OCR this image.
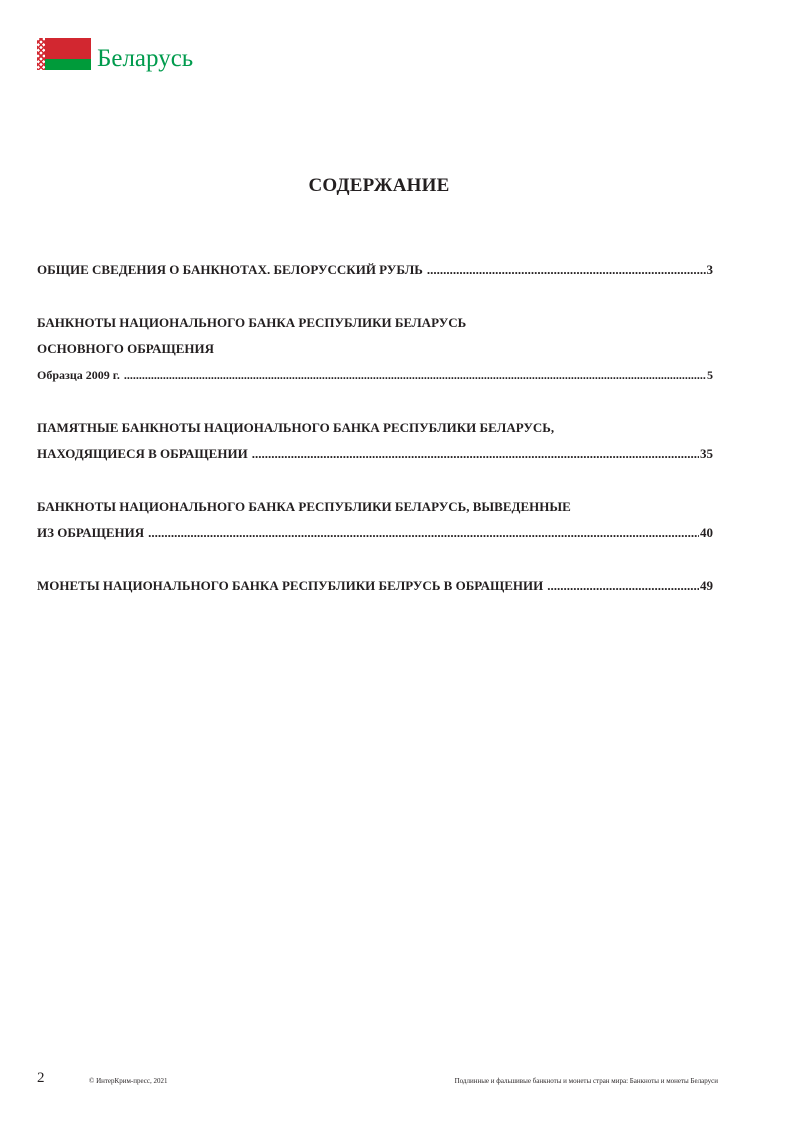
Беларусь
СОДЕРЖАНИЕ
ОБЩИЕ СВЕДЕНИЯ О БАНКНОТАХ. БЕЛОРУССКИЙ РУБЛЬ .....	3
БАНКНОТЫ НАЦИОНАЛЬНОГО БАНКА РЕСПУБЛИКИ БЕЛАРУСЬ
ОСНОВНОГО ОБРАЩЕНИЯ
Образца 2009 г. .....	5
ПАМЯТНЫЕ БАНКНОТЫ НАЦИОНАЛЬНОГО БАНКА РЕСПУБЛИКИ БЕЛАРУСЬ,
НАХОДЯЩИЕСЯ В ОБРАЩЕНИИ .....	35
БАНКНОТЫ НАЦИОНАЛЬНОГО БАНКА РЕСПУБЛИКИ БЕЛАРУСЬ, ВЫВЕДЕННЫЕ
ИЗ ОБРАЩЕНИЯ .....	40
МОНЕТЫ НАЦИОНАЛЬНОГО БАНКА РЕСПУБЛИКИ БЕЛРУСЬ В ОБРАЩЕНИИ .....	49
2	© ИнтерКрим-пресс, 2021	Подлинные и фальшивые банкноты и монеты стран мира: Банкноты и монеты Беларуси
